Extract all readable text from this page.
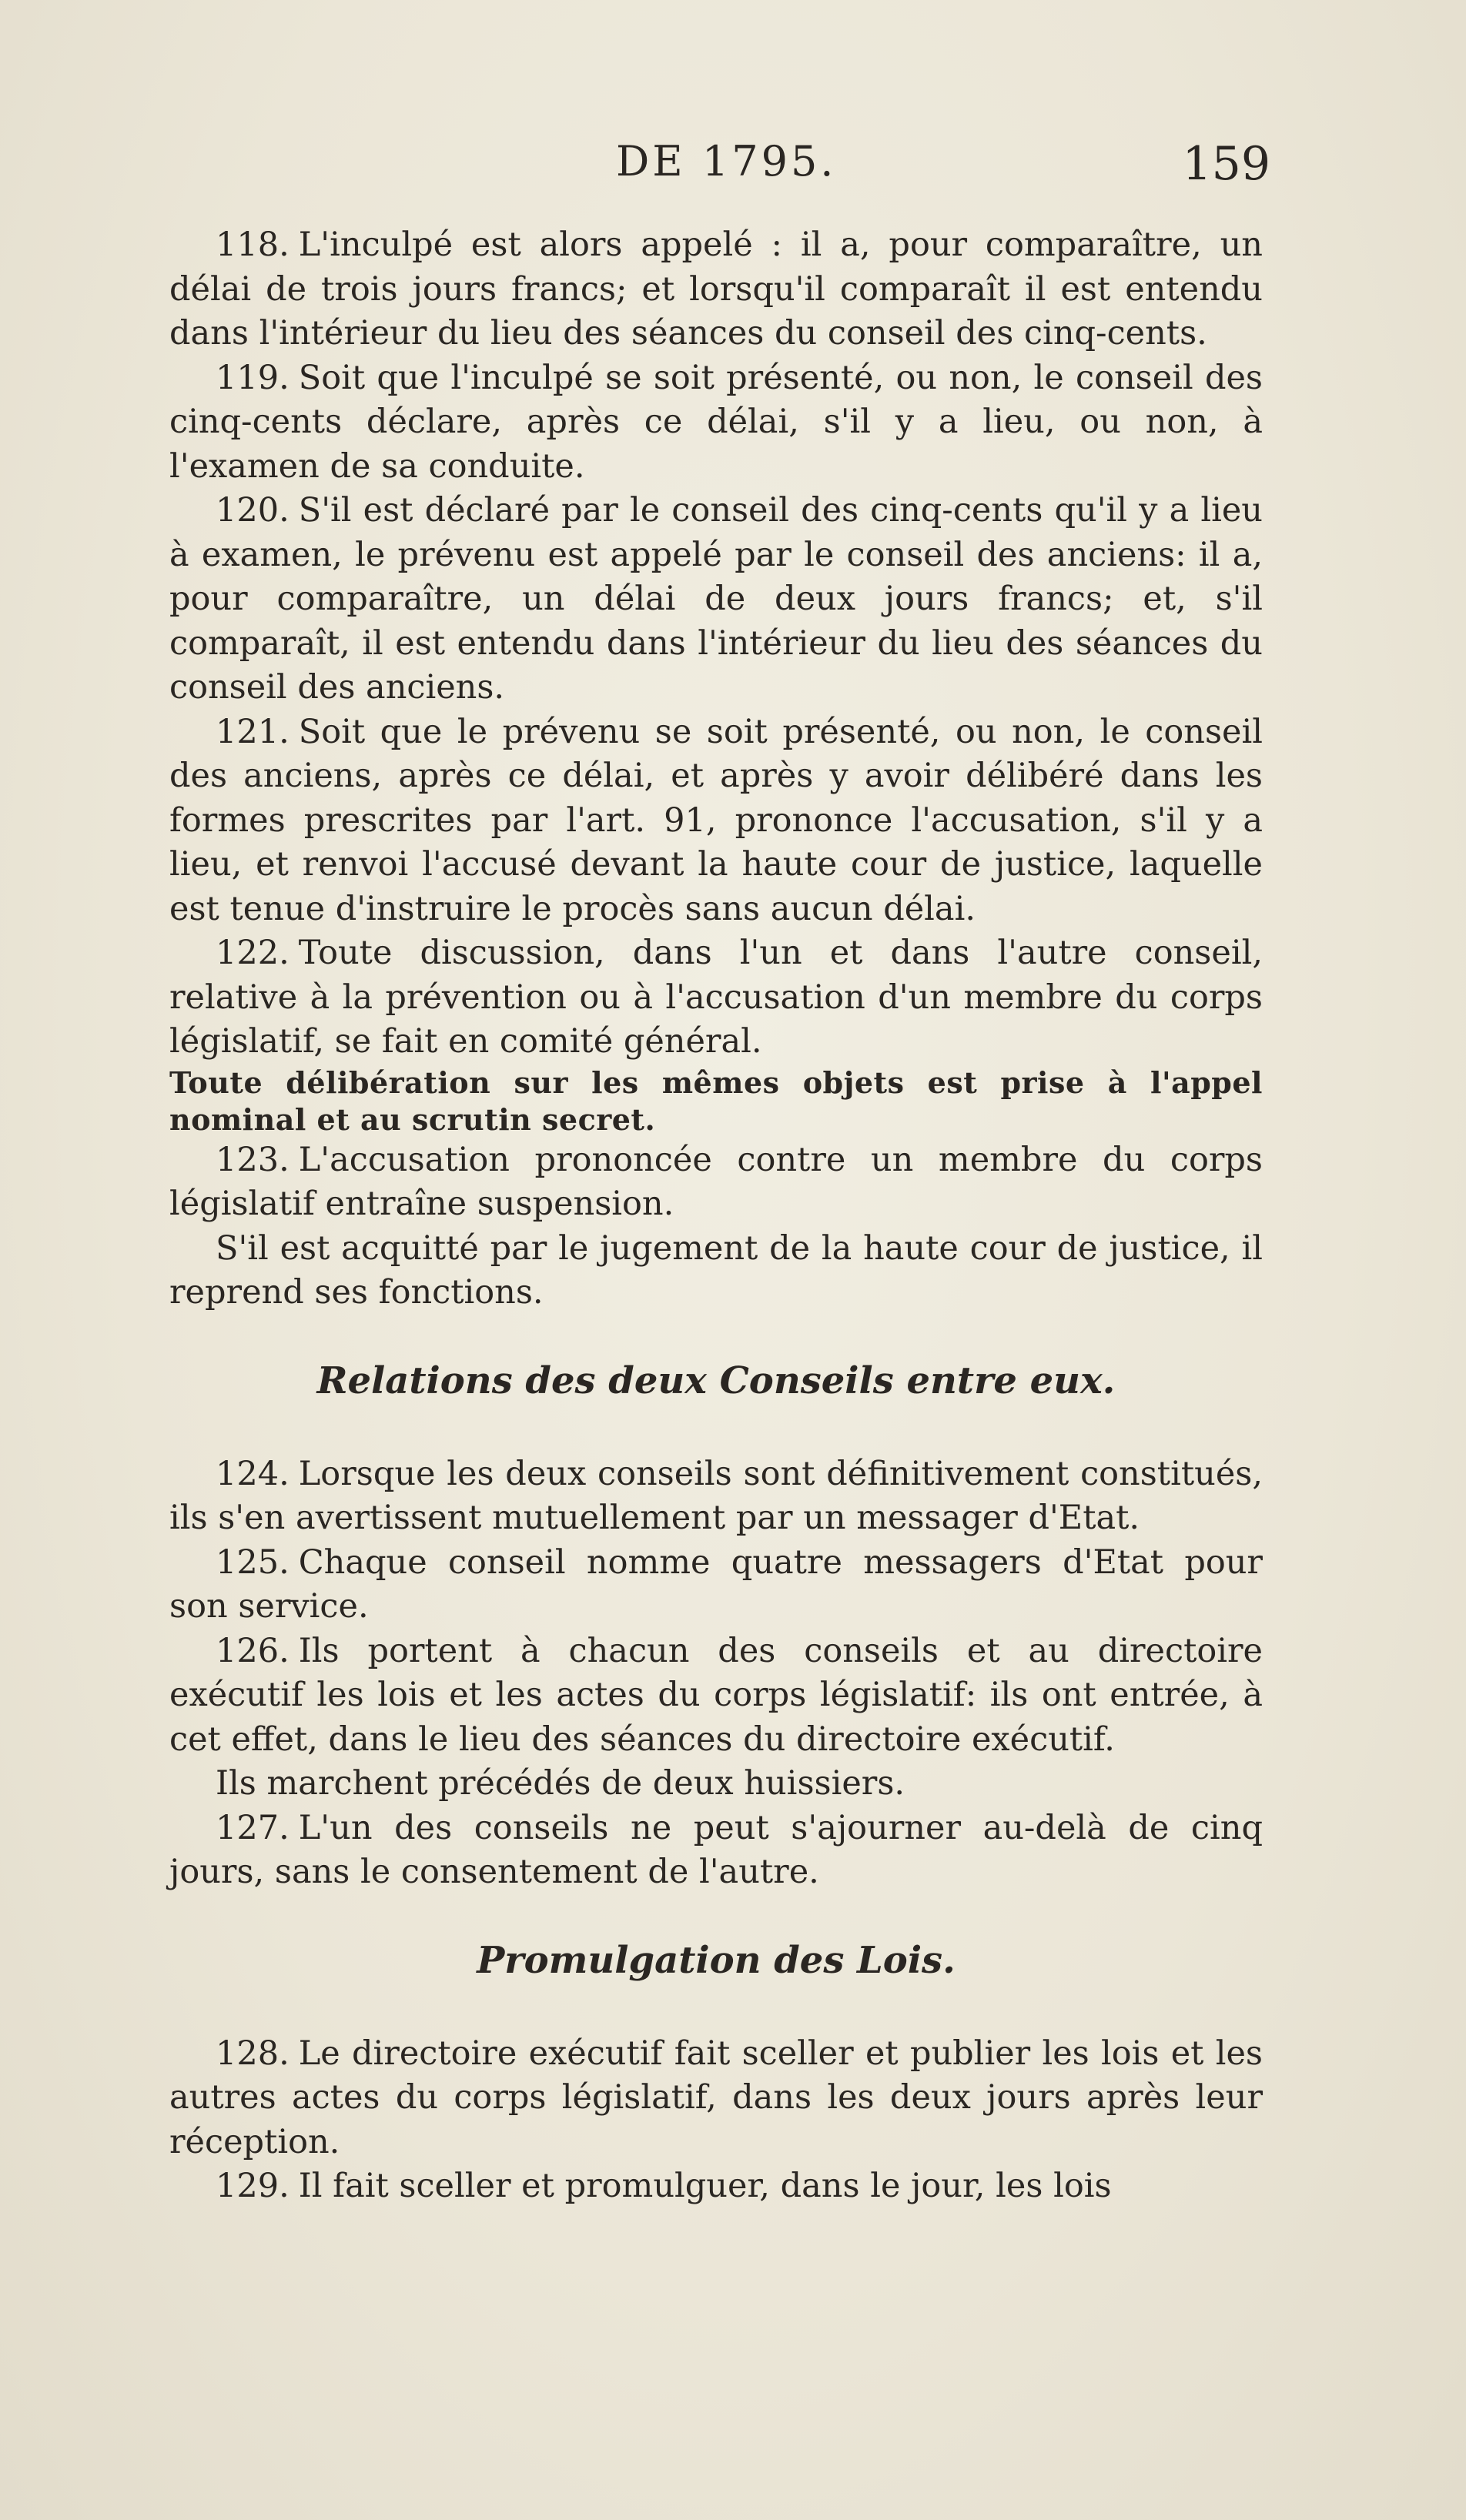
DE 1795.	159

118. L'inculpé est alors appelé : il a, pour comparaître, un délai de trois jours francs; et lorsqu'il comparaît il est entendu dans l'intérieur du lieu des séances du conseil des cinq-cents.

119. Soit que l'inculpé se soit présenté, ou non, le conseil des cinq-cents déclare, après ce délai, s'il y a lieu, ou non, à l'examen de sa conduite.

120. S'il est déclaré par le conseil des cinq-cents qu'il y a lieu à examen, le prévenu est appelé par le conseil des anciens: il a, pour comparaître, un délai de deux jours francs; et, s'il comparaît, il est entendu dans l'intérieur du lieu des séances du conseil des anciens.

121. Soit que le prévenu se soit présenté, ou non, le conseil des anciens, après ce délai, et après y avoir délibéré dans les formes prescrites par l'art. 91, prononce l'accusation, s'il y a lieu, et renvoi l'accusé devant la haute cour de justice, laquelle est tenue d'instruire le procès sans aucun délai.

122. Toute discussion, dans l'un et dans l'autre conseil, relative à la prévention ou à l'accusation d'un membre du corps législatif, se fait en comité général.

Toute délibération sur les mêmes objets est prise à l'appel nominal et au scrutin secret.

123. L'accusation prononcée contre un membre du corps législatif entraîne suspension.

S'il est acquitté par le jugement de la haute cour de justice, il reprend ses fonctions.

Relations des deux Conseils entre eux.

124. Lorsque les deux conseils sont définitivement constitués, ils s'en avertissent mutuellement par un messager d'Etat.

125. Chaque conseil nomme quatre messagers d'Etat pour son service.

126. Ils portent à chacun des conseils et au directoire exécutif les lois et les actes du corps législatif: ils ont entrée, à cet effet, dans le lieu des séances du directoire exécutif.

Ils marchent précédés de deux huissiers.

127. L'un des conseils ne peut s'ajourner au-delà de cinq jours, sans le consentement de l'autre.

Promulgation des Lois.

128. Le directoire exécutif fait sceller et publier les lois et les autres actes du corps législatif, dans les deux jours après leur réception.

129. Il fait sceller et promulguer, dans le jour, les lois
